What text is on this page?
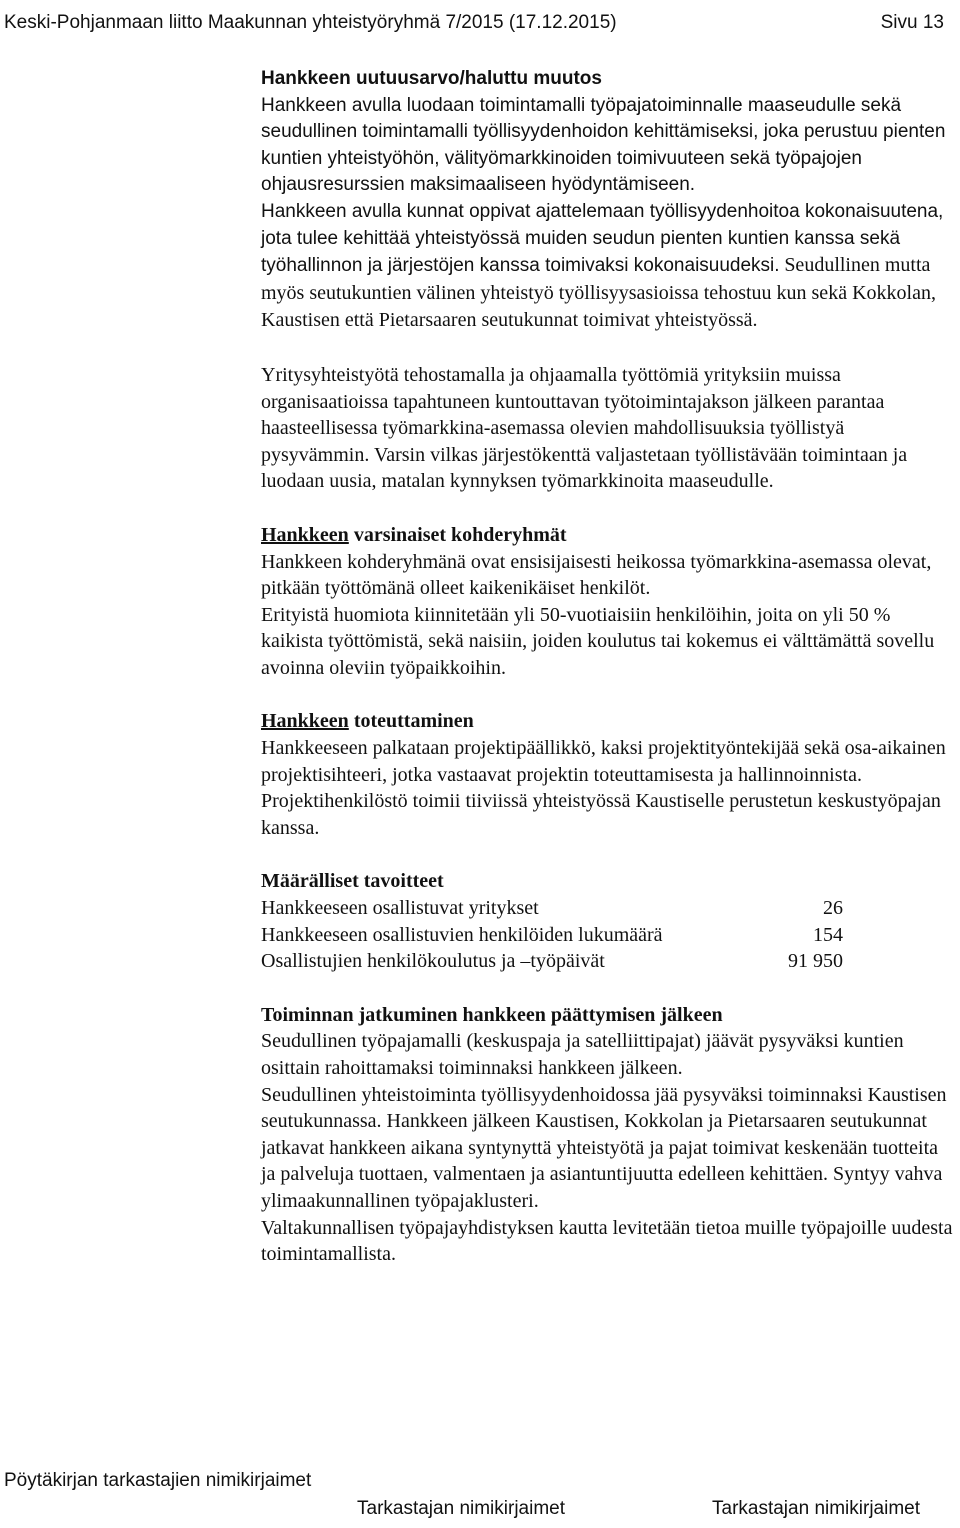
Keski-Pohjanmaan liitto Maakunnan yhteistyöryhmä 7/2015 (17.12.2015)	Sivu 13
Hankkeen uutuusarvo/haluttu muutos
Hankkeen avulla luodaan toimintamalli työpajatoiminnalle maaseudulle sekä seudullinen toimintamalli työllisyydenhoidon kehittämiseksi, joka perustuu pienten kuntien yhteistyöhön, välityömarkkinoiden toimivuuteen sekä työpajojen ohjausresurssien maksimaaliseen hyödyntämiseen.
Hankkeen avulla kunnat oppivat ajattelemaan työllisyydenhoitoa kokonaisuutena, jota tulee kehittää yhteistyössä muiden seudun pienten kuntien kanssa sekä työhallinnon ja järjestöjen kanssa toimivaksi kokonaisuudeksi. Seudullinen mutta myös seutukuntien välinen yhteistyö työllisyysasioissa tehostuu kun sekä Kokkolan, Kaustisen että Pietarsaaren seutukunnat toimivat yhteistyössä.
Yritysyhteistyötä tehostamalla ja ohjaamalla työttömiä yrityksiin muissa organisaatioissa tapahtuneen kuntouttavan työtoimintajakson jälkeen parantaa haasteellisessa työmarkkina-asemassa olevien mahdollisuuksia työllistyä pysyvämmin. Varsin vilkas järjestökenttä valjastetaan työllistävään toimintaan ja luodaan uusia, matalan kynnyksen työmarkkinoita maaseudulle.
Hankkeen varsinaiset kohderyhmät
Hankkeen kohderyhmänä ovat ensisijaisesti heikossa työmarkkina-asemassa olevat, pitkään työttömänä olleet kaikenikäiset henkilöt.
Erityistä huomiota kiinnitetään yli 50-vuotiaisiin henkilöihin, joita on yli 50 % kaikista työttömistä, sekä naisiin, joiden koulutus tai kokemus ei välttämättä sovellu avoinna oleviin työpaikkoihin.
Hankkeen toteuttaminen
Hankkeeseen palkataan projektipäällikkö, kaksi projektityöntekijää sekä osa-aikainen projektisihteeri, jotka vastaavat projektin toteuttamisesta ja hallinnoinnista. Projektihenkilöstö toimii tiiviissä yhteistyössä Kaustiselle perustetun keskustyöpajan kanssa.
Määrälliset tavoitteet
Hankkeeseen osallistuvat yritykset	26
Hankkeeseen osallistuvien henkilöiden lukumäärä	154
Osallistujien henkilökoulutus ja –työpäivät	91 950
Toiminnan jatkuminen hankkeen päättymisen jälkeen
Seudullinen työpajamalli (keskuspaja ja satelliittipajat) jäävät pysyväksi kuntien osittain rahoittamaksi toiminnaksi hankkeen jälkeen.
Seudullinen yhteistoiminta työllisyydenhoidossa jää pysyväksi toiminnaksi Kaustisen seutukunnassa. Hankkeen jälkeen Kaustisen, Kokkolan ja Pietarsaaren seutukunnat jatkavat hankkeen aikana syntynyttä yhteistyötä ja pajat toimivat keskenään tuotteita ja palveluja tuottaen, valmentaen ja asiantuntijuutta edelleen kehittäen. Syntyy vahva ylimaakunnallinen työpajaklusteri.
Valtakunnallisen työpajayhdistyksen kautta levitetään tietoa muille työpajoille uudesta toimintamallista.
Pöytäkirjan tarkastajien nimikirjaimet
Tarkastajan nimikirjaimet	Tarkastajan nimikirjaimet
